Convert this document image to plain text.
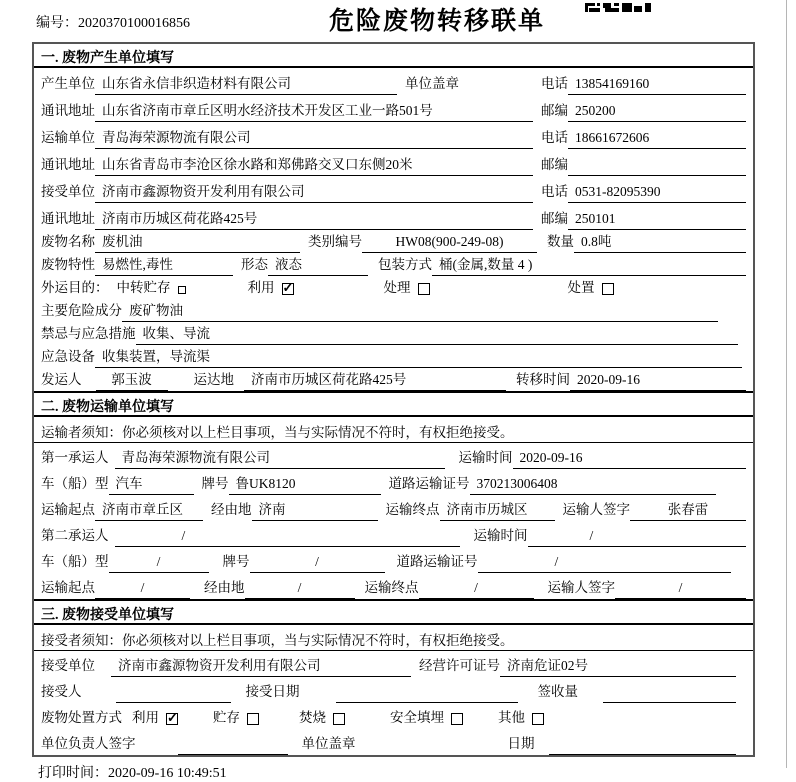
编号：2020370100016856	危险废物转移联单
一. 废物产生单位填写
产生单位 山东省永信非织造材料有限公司	单位盖章	电话 13854169160
通讯地址 山东省济南市章丘区明水经济技术开发区工业一路501号	邮编 250200
运输单位 青岛海荣源物流有限公司	电话 18661672606
通讯地址 山东省青岛市李沧区徐水路和郑佛路交叉口东侧20米	邮编
接受单位 济南市鑫源物资开发利用有限公司	电话 0531-82095390
通讯地址 济南市历城区荷花路425号	邮编 250101
废物名称 废机油	类别编号	HW08(900-249-08)	数量 0.8吨
废物特性 易燃性,毒性	形态 液态	包装方式 桶(金属,数量 4 )
外运目的： 中转贮存	利用 ✓	处理	处置
主要危险成分 废矿物油
禁忌与应急措施 收集、导流
应急设备 收集装置，导流渠
发运人	郭玉波	运达地	济南市历城区荷花路425号	转移时间 2020-09-16
二. 废物运输单位填写
运输者须知：你必须核对以上栏目事项，当与实际情况不符时，有权拒绝接受。
第一承运人 青岛海荣源物流有限公司	运输时间 2020-09-16
车（船）型 汽车	牌号 鲁UK8120	道路运输证号 370213006408
运输起点 济南市章丘区	经由地 济南	运输终点 济南市历城区	运输人签字	张春雷
第二承运人	/	运输时间	/
车（船）型	/	牌号	/	道路运输证号	/
运输起点	/	经由地	/	运输终点	/	运输人签字	/
三. 废物接受单位填写
接受者须知：你必须核对以上栏目事项，当与实际情况不符时，有权拒绝接受。
接受单位	济南市鑫源物资开发利用有限公司	经营许可证号 济南危证02号
接受人	接受日期	签收量
废物处置方式 利用 ✓	贮存	焚烧	安全填埋	其他
单位负责人签字	单位盖章	日期
打印时间：2020-09-16 10:49:51
